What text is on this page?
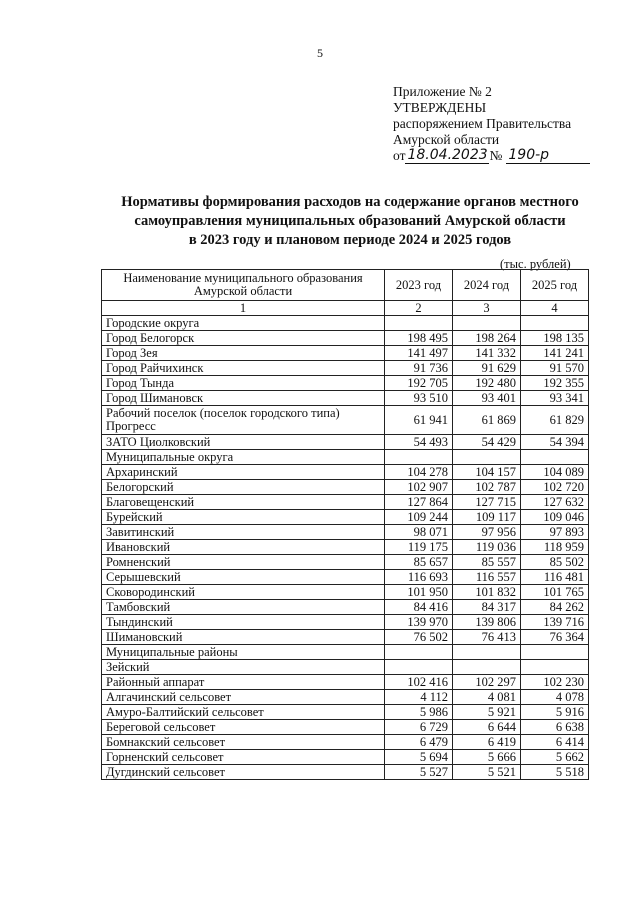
5
Приложение № 2
УТВЕРЖДЕНЫ
распоряжением Правительства
Амурской области
от 18.04.2023 № 190-р
Нормативы формирования расходов на содержание органов местного
самоуправления муниципальных образований Амурской области
в 2023 году и плановом периоде 2024 и 2025 годов
(тыс. рублей)
Наименование муниципального образования Амурской области	2023 год	2024 год	2025 год
1	2	3	4
Городские округа			
Город Белогорск	198 495	198 264	198 135
Город Зея	141 497	141 332	141 241
Город Райчихинск	91 736	91 629	91 570
Город Тында	192 705	192 480	192 355
Город Шимановск	93 510	93 401	93 341
Рабочий поселок (поселок городского типа) Прогресс	61 941	61 869	61 829
ЗАТО Циолковский	54 493	54 429	54 394
Муниципальные округа			
Архаринский	104 278	104 157	104 089
Белогорский	102 907	102 787	102 720
Благовещенский	127 864	127 715	127 632
Бурейский	109 244	109 117	109 046
Завитинский	98 071	97 956	97 893
Ивановский	119 175	119 036	118 959
Ромненский	85 657	85 557	85 502
Серышевский	116 693	116 557	116 481
Сковородинский	101 950	101 832	101 765
Тамбовский	84 416	84 317	84 262
Тындинский	139 970	139 806	139 716
Шимановский	76 502	76 413	76 364
Муниципальные районы			
Зейский			
Районный аппарат	102 416	102 297	102 230
Алгачинский сельсовет	4 112	4 081	4 078
Амуро-Балтийский сельсовет	5 986	5 921	5 916
Береговой сельсовет	6 729	6 644	6 638
Бомнакский сельсовет	6 479	6 419	6 414
Горненский сельсовет	5 694	5 666	5 662
Дугдинский сельсовет	5 527	5 521	5 518
